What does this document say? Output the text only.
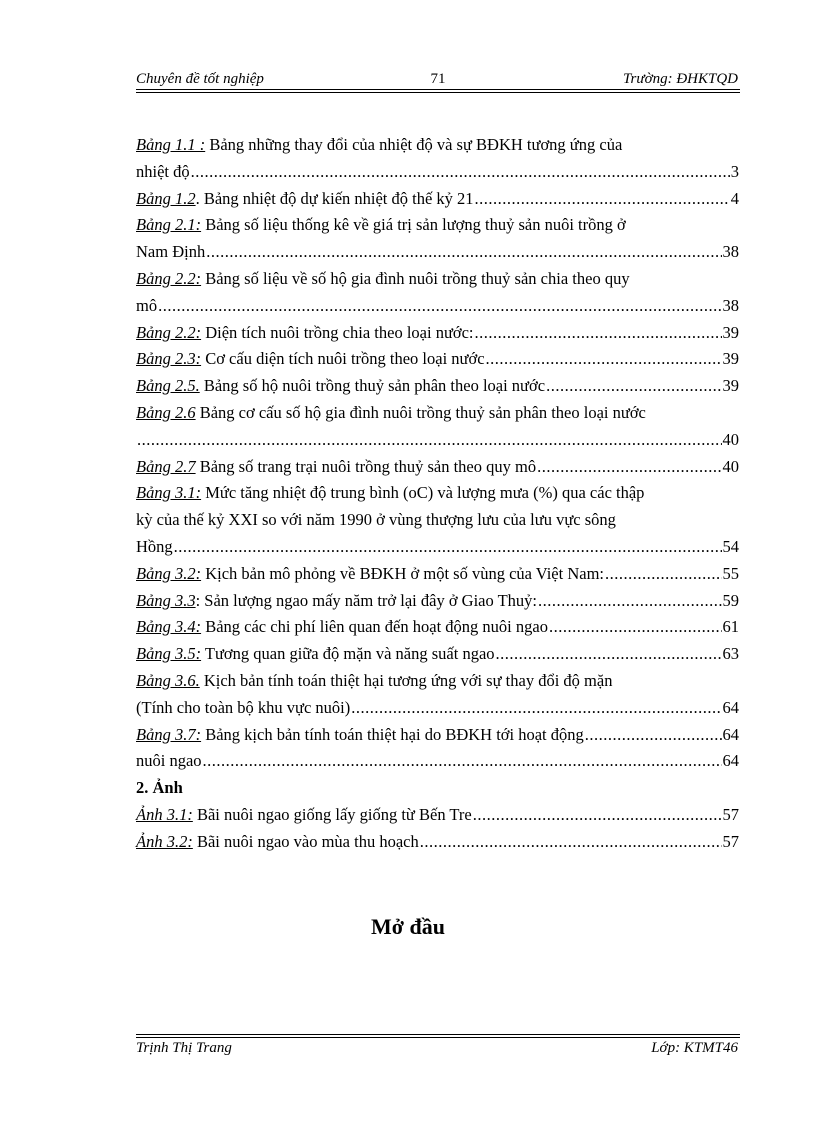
Chuyên đề tốt nghiệp	71	Trường: ĐHKTQD
Bảng 1.1 : Bảng những thay đổi của nhiệt độ và sự BĐKH tương ứng của
nhiệt độ .....	3
Bảng 1.2. Bảng nhiệt độ dự kiến nhiệt độ thế kỷ 21 .....	4
Bảng 2.1: Bảng số liệu thống kê về giá trị sản lượng thuỷ sản nuôi trồng ở
Nam Định .....	38
Bảng 2.2: Bảng số liệu về số hộ gia đình nuôi trồng thuỷ sản chia theo quy
mô .....	38
Bảng 2.2: Diện tích nuôi trồng chia theo loại nước: .....	39
Bảng 2.3: Cơ cấu diện tích nuôi trồng theo loại nước .....	39
Bảng 2.5. Bảng số hộ nuôi trồng thuỷ sản phân theo loại nước .....	39
Bảng 2.6 Bảng cơ cấu số hộ gia đình nuôi trồng thuỷ sản phân theo loại nước
.....
40
Bảng 2.7 Bảng số trang trại nuôi trồng thuỷ sản theo quy mô .....	40
Bảng 3.1: Mức tăng nhiệt độ trung bình (oC) và lượng mưa (%) qua các thập
kỳ của thế kỷ XXI so với năm 1990 ở vùng thượng lưu của lưu vực sông
Hồng .....	54
Bảng 3.2: Kịch bản mô phỏng về BĐKH ở một số vùng của Việt Nam: .....	55
Bảng 3.3: Sản lượng ngao mấy năm trở lại đây ở Giao Thuỷ: .....	59
Bảng 3.4: Bảng các chi phí liên quan đến hoạt động nuôi ngao .....	61
Bảng 3.5: Tương quan giữa độ mặn và năng suất ngao .....	63
Bảng 3.6. Kịch bản tính toán thiệt hại tương ứng với sự thay đổi độ mặn
(Tính cho toàn bộ khu vực nuôi) .....	64
Bảng 3.7: Bảng kịch bản tính toán thiệt hại do BĐKH tới hoạt động .....	64
nuôi ngao .....	64
2. Ảnh
Ảnh 3.1: Bãi nuôi ngao giống lấy giống từ Bến Tre .....	57
Ảnh 3.2: Bãi nuôi ngao vào mùa thu hoạch .....	57
Mở đầu
Trịnh Thị Trang	Lớp: KTMT46
